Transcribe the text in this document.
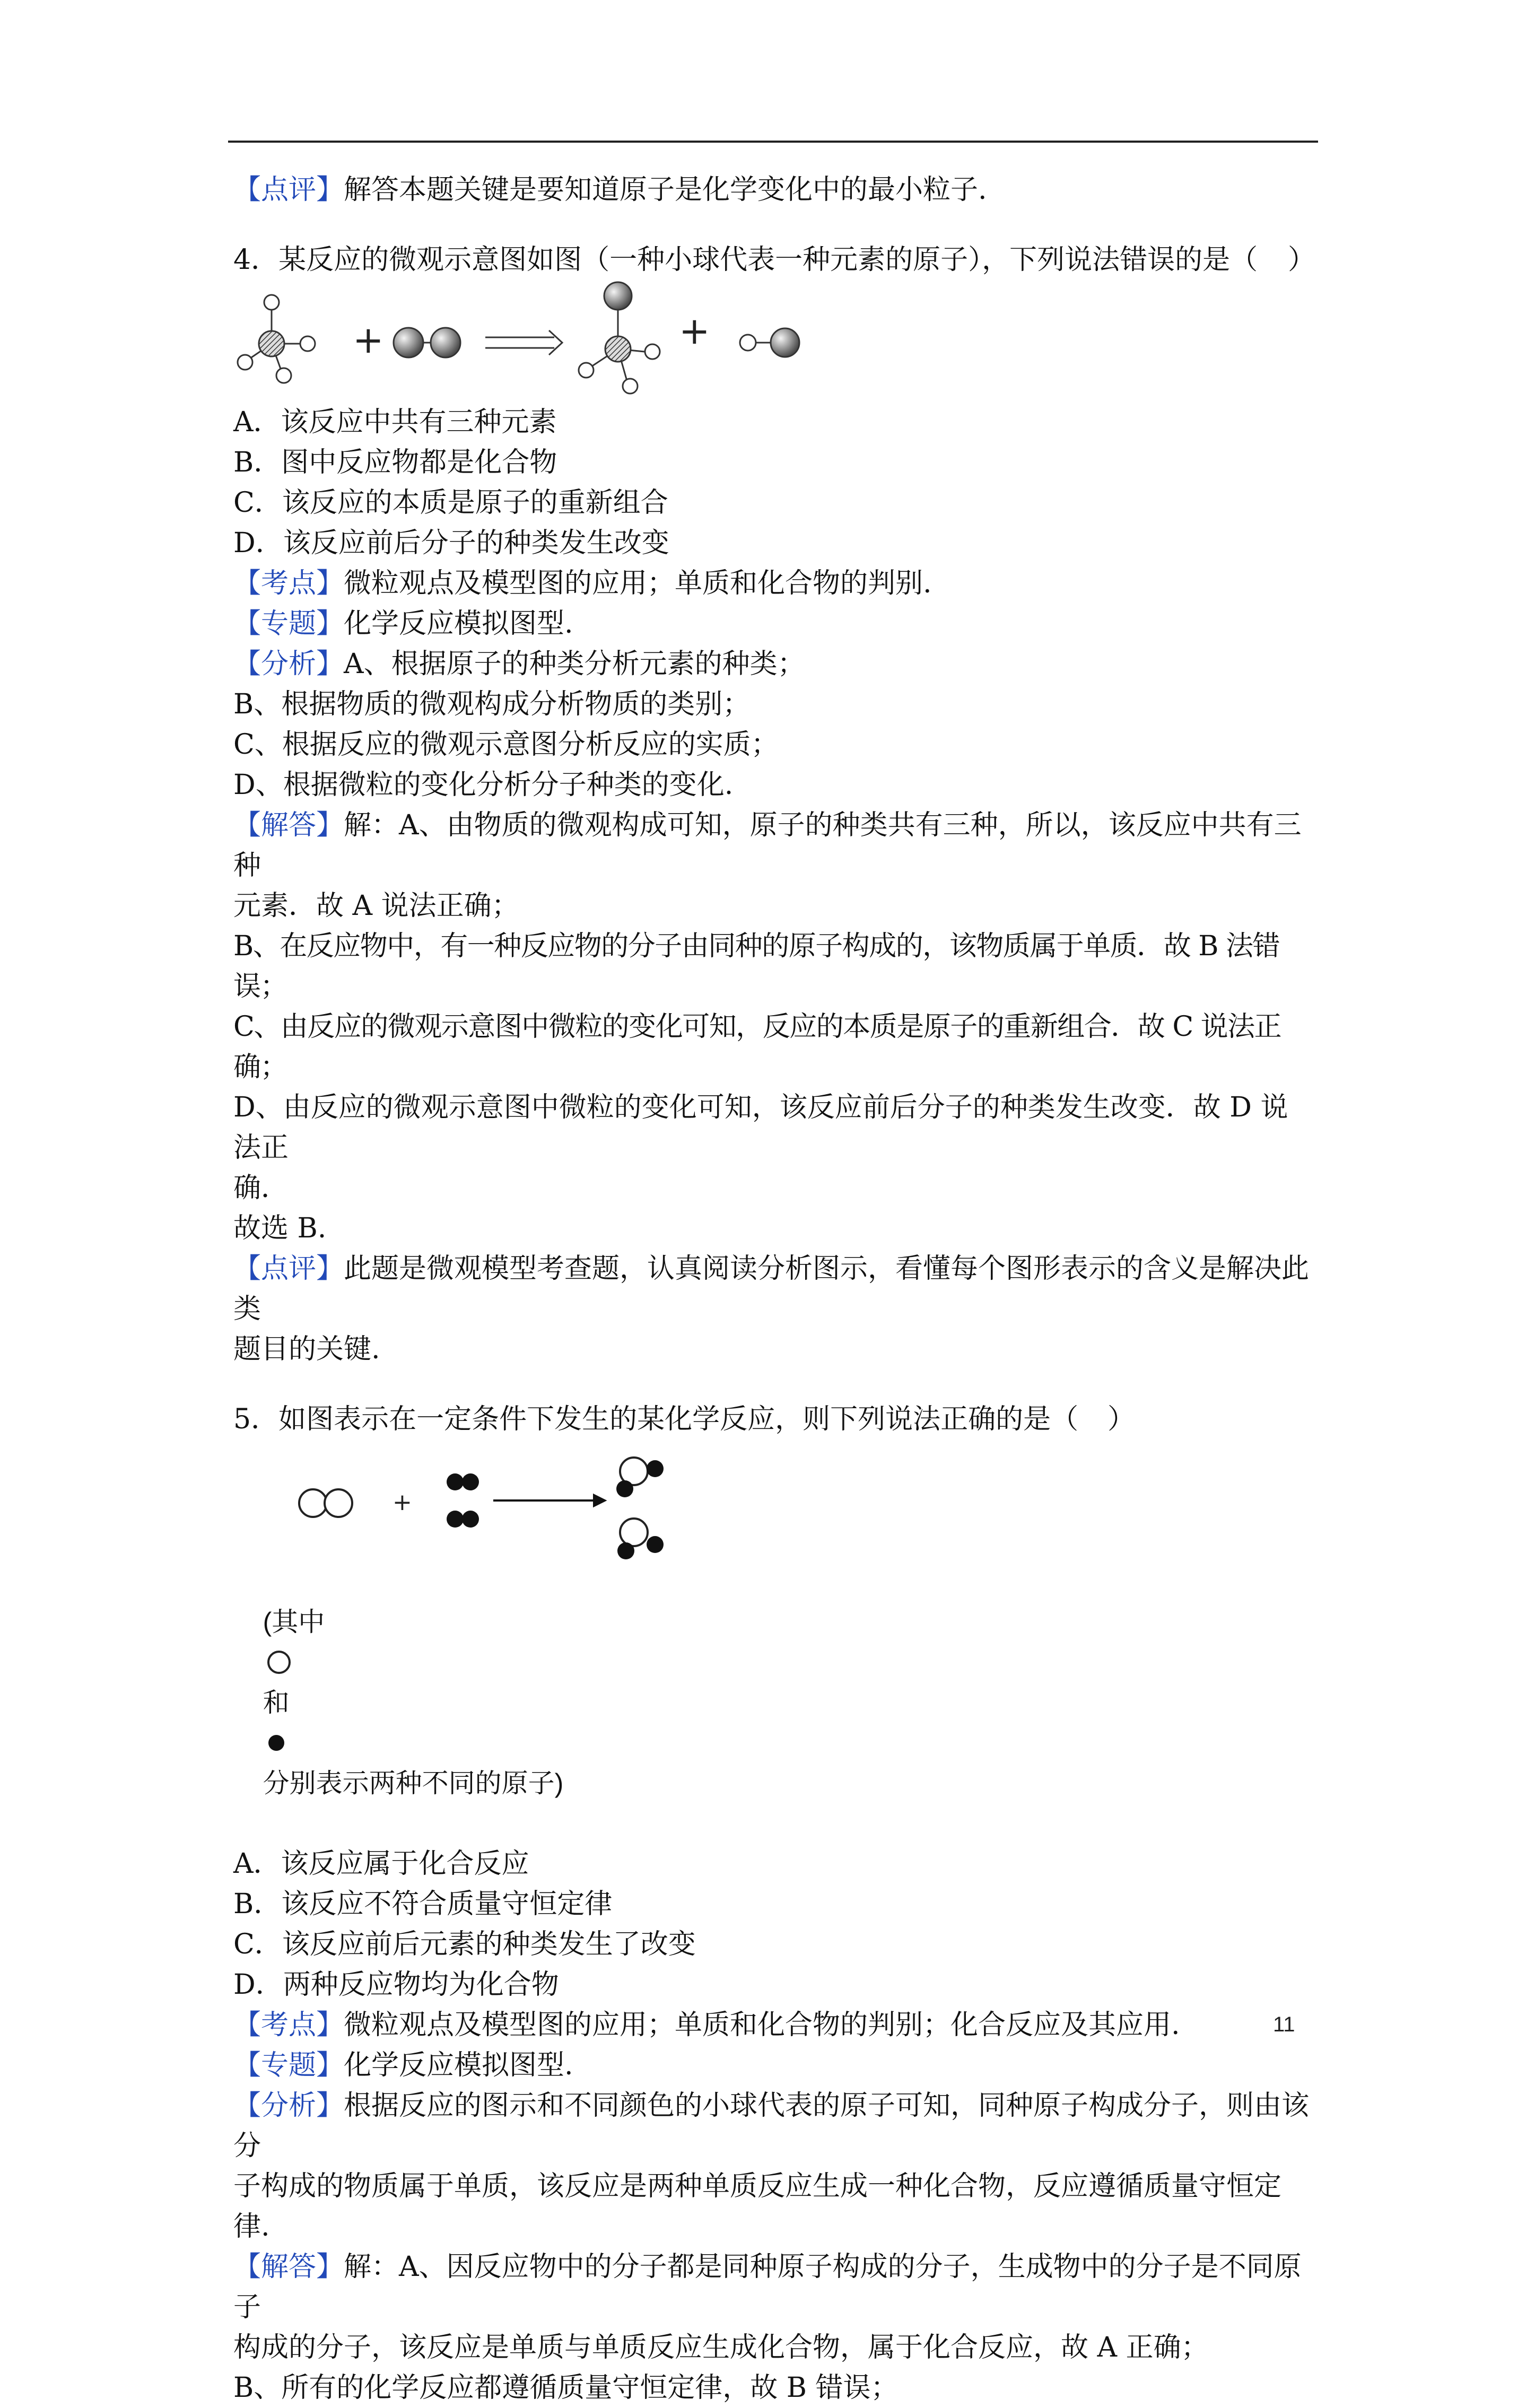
【点评】解答本题关键是要知道原子是化学变化中的最小粒子.
4．某反应的微观示意图如图（一种小球代表一种元素的原子），下列说法错误的是（ ）
+	+
A．该反应中共有三种元素
B．图中反应物都是化合物
C．该反应的本质是原子的重新组合
D．该反应前后分子的种类发生改变
【考点】微粒观点及模型图的应用；单质和化合物的判别.
【专题】化学反应模拟图型.
【分析】A、根据原子的种类分析元素的种类；
B、根据物质的微观构成分析物质的类别；
C、根据反应的微观示意图分析反应的实质；
D、根据微粒的变化分析分子种类的变化.
【解答】解：A、由物质的微观构成可知，原子的种类共有三种，所以，该反应中共有三种
元素．故 A 说法正确；
B、在反应物中，有一种反应物的分子由同种的原子构成的，该物质属于单质．故 B 法错误；
C、由反应的微观示意图中微粒的变化可知，反应的本质是原子的重新组合．故 C 说法正确；
D、由反应的微观示意图中微粒的变化可知，该反应前后分子的种类发生改变．故 D 说法正
确．
故选 B.
【点评】此题是微观模型考查题，认真阅读分析图示，看懂每个图形表示的含义是解决此类
题目的关键.
5．如图表示在一定条件下发生的某化学反应，则下列说法正确的是（ ）
+

(其中

和

分别表示两种不同的原子)

A．该反应属于化合反应
B．该反应不符合质量守恒定律
C．该反应前后元素的种类发生了改变
D．两种反应物均为化合物
【考点】微粒观点及模型图的应用；单质和化合物的判别；化合反应及其应用.
【专题】化学反应模拟图型.
【分析】根据反应的图示和不同颜色的小球代表的原子可知，同种原子构成分子，则由该分
子构成的物质属于单质，该反应是两种单质反应生成一种化合物，反应遵循质量守恒定
律.
【解答】解：A、因反应物中的分子都是同种原子构成的分子，生成物中的分子是不同原子
构成的分子，该反应是单质与单质反应生成化合物，属于化合反应，故 A 正确；
B、所有的化学反应都遵循质量守恒定律，故 B 错误；
11
